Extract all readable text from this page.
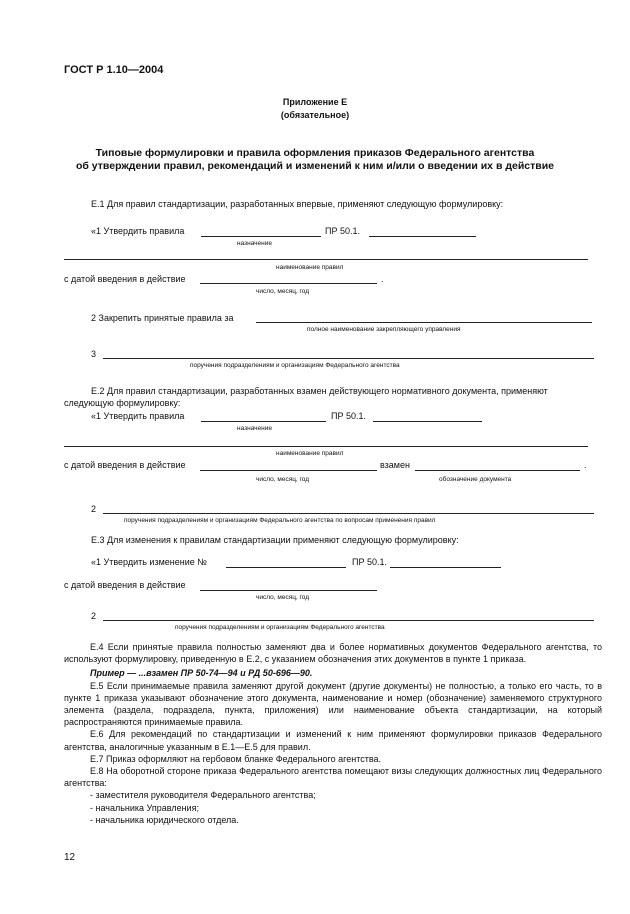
ГОСТ Р 1.10—2004
Приложение Е
(обязательное)
Типовые формулировки и правила оформления приказов Федерального агентства
об утверждении правил, рекомендаций и изменений к ним и/или о введении их в действие
Е.1 Для правил стандартизации, разработанных впервые, применяют следующую формулировку:
«1 Утвердить правила	ПР 50.1.
назначение
наименование правил
с датой введения в действие	.
число, месяц, год
2 Закрепить принятые правила за
полное наименование закрепляющего управления
3
поручения подразделениям и организациям Федерального агентства
Е.2 Для правил стандартизации, разработанных взамен действующего нормативного документа, применяют
следующую формулировку:
«1 Утвердить правила	ПР 50.1.
назначение
наименование правил
с датой введения в действие	взамен	.
число, месяц, год	обозначение документа
2
поручения подразделениям и организациям Федерального агентства по вопросам применения правил
Е.3 Для изменения к правилам стандартизации применяют следующую формулировку:
«1 Утвердить изменение №	ПР 50.1.
с датой введения в действие
число, месяц, год
2
поручения подразделениям и организациям Федерального агентства

Е.4 Если принятые правила полностью заменяют два и более нормативных документов Федерального агентства, то используют формулировку, приведенную в Е.2, с указанием обозначения этих документов в пункте 1 приказа.

Пример — ...взамен ПР 50-74—94 и РД 50-696—90.

Е.5 Если принимаемые правила заменяют другой документ (другие документы) не полностью, а только его часть, то в пункте 1 приказа указывают обозначение этого документа, наименование и номер (обозначение) заменяемого структурного элемента (раздела, подраздела, пункта, приложения) или наименование объекта стандартизации, на который распространяются принимаемые правила.

Е.6 Для рекомендаций по стандартизации и изменений к ним применяют формулировки приказов Федерального агентства, аналогичные указанным в Е.1—Е.5 для правил.

Е.7 Приказ оформляют на гербовом бланке Федерального агентства.

Е.8 На оборотной стороне приказа Федерального агентства помещают визы следующих должностных лиц Федерального агентства:

- заместителя руководителя Федерального агентства;

- начальника Управления;

- начальника юридического отдела.

12
